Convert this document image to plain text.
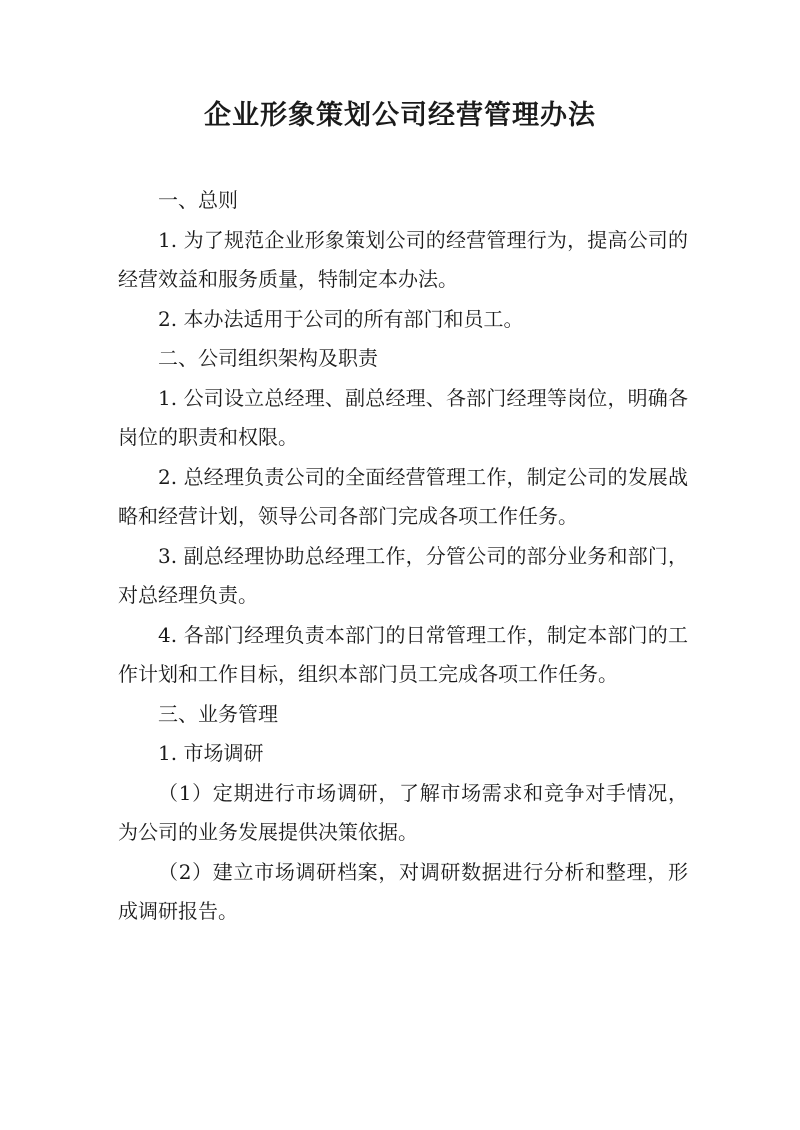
企业形象策划公司经营管理办法

一、总则

1. 为了规范企业形象策划公司的经营管理行为，提高公司的经营效益和服务质量，特制定本办法。

2. 本办法适用于公司的所有部门和员工。

二、公司组织架构及职责

1. 公司设立总经理、副总经理、各部门经理等岗位，明确各岗位的职责和权限。

2. 总经理负责公司的全面经营管理工作，制定公司的发展战略和经营计划，领导公司各部门完成各项工作任务。

3. 副总经理协助总经理工作，分管公司的部分业务和部门，对总经理负责。

4. 各部门经理负责本部门的日常管理工作，制定本部门的工作计划和工作目标，组织本部门员工完成各项工作任务。

三、业务管理

1. 市场调研

（1）定期进行市场调研，了解市场需求和竞争对手情况，为公司的业务发展提供决策依据。

（2）建立市场调研档案，对调研数据进行分析和整理，形成调研报告。
